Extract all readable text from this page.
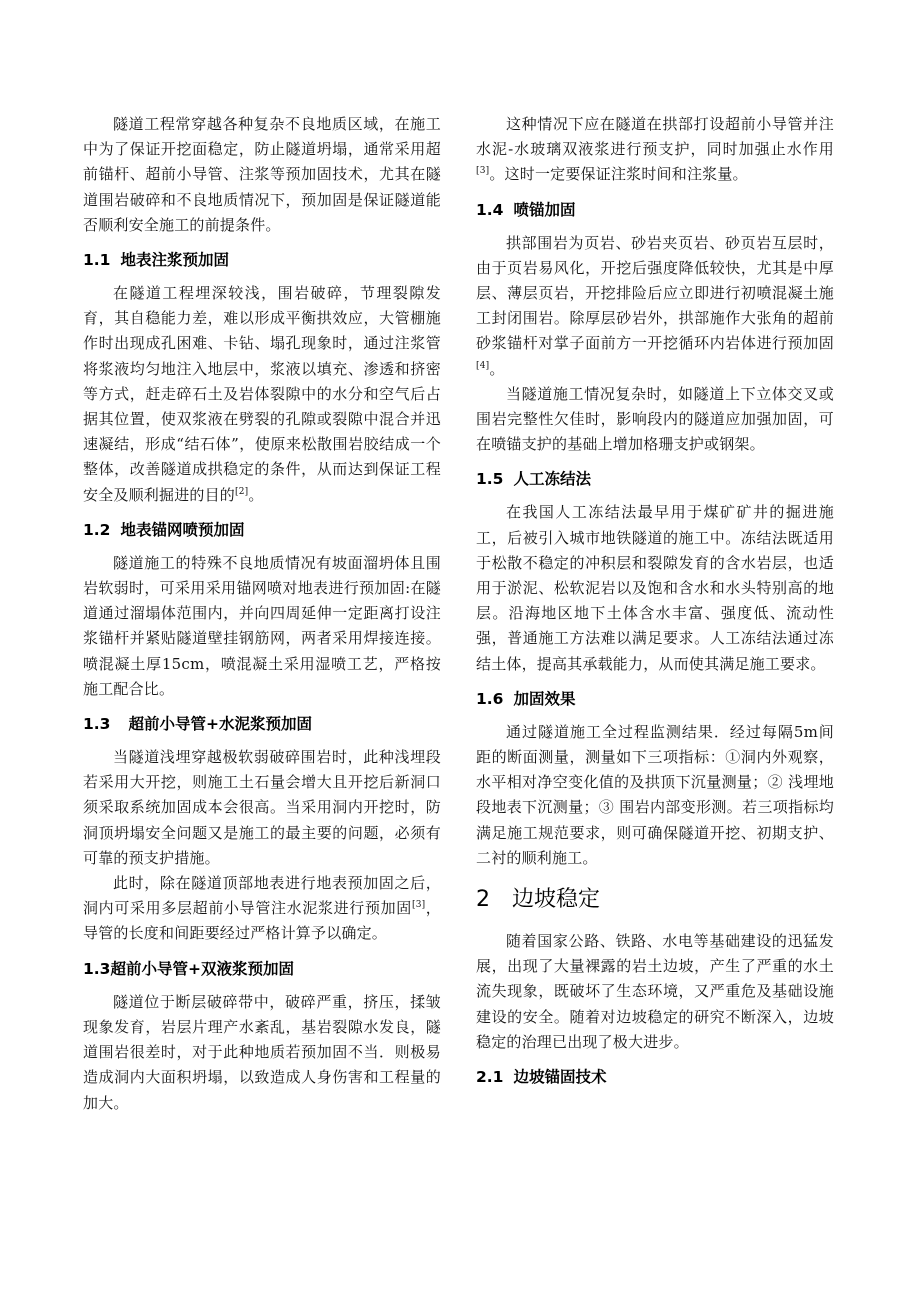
隧道工程常穿越各种复杂不良地质区域，在施工中为了保证开挖面稳定，防止隧道坍塌，通常采用超前锚杆、超前小导管、注浆等预加固技术，尤其在隧道围岩破碎和不良地质情况下，预加固是保证隧道能否顺利安全施工的前提条件。

1.1 地表注浆预加固

在隧道工程埋深较浅，围岩破碎，节理裂隙发育，其自稳能力差，难以形成平衡拱效应，大管棚施作时出现成孔困难、卡钻、塌孔现象时，通过注浆管将浆液均匀地注入地层中，浆液以填充、渗透和挤密等方式，赶走碎石土及岩体裂隙中的水分和空气后占据其位置，使双浆液在劈裂的孔隙或裂隙中混合并迅速凝结，形成“结石体”，使原来松散围岩胶结成一个整体，改善隧道成拱稳定的条件，从而达到保证工程安全及顺利掘进的目的[2]。

1.2 地表锚网喷预加固

隧道施工的特殊不良地质情况有坡面溜坍体且围岩软弱时，可采用采用锚网喷对地表进行预加固:在隧道通过溜塌体范围内，并向四周延伸一定距离打设注浆锚杆并紧贴隧道壁挂钢筋网，两者采用焊接连接。喷混凝土厚15cm，喷混凝土采用湿喷工艺，严格按施工配合比。

1.3 超前小导管+水泥浆预加固

当隧道浅埋穿越极软弱破碎围岩时，此种浅埋段若采用大开挖，则施工土石量会增大且开挖后新洞口须采取系统加固成本会很高。当采用洞内开挖时，防洞顶坍塌安全问题又是施工的最主要的问题，必须有可靠的预支护措施。

此时，除在隧道顶部地表进行地表预加固之后，洞内可采用多层超前小导管注水泥浆进行预加固[3]，导管的长度和间距要经过严格计算予以确定。

1.3超前小导管+双液浆预加固

隧道位于断层破碎带中，破碎严重，挤压，揉皱现象发育，岩层片理产水紊乱，基岩裂隙水发良，隧道围岩很差时，对于此种地质若预加固不当．则极易造成洞内大面积坍塌，以致造成人身伤害和工程量的加大。

这种情况下应在隧道在拱部打设超前小导管并注水泥-水玻璃双液浆进行预支护，同时加强止水作用[3]。这时一定要保证注浆时间和注浆量。

1.4 喷锚加固

拱部围岩为页岩、砂岩夹页岩、砂页岩互层时，由于页岩易风化，开挖后强度降低较快，尤其是中厚层、薄层页岩，开挖排险后应立即进行初喷混凝土施工封闭围岩。除厚层砂岩外，拱部施作大张角的超前砂浆锚杆对掌子面前方一开挖循环内岩体进行预加固[4]。

当隧道施工情况复杂时，如隧道上下立体交叉或围岩完整性欠佳时，影响段内的隧道应加强加固，可在喷锚支护的基础上增加格珊支护或钢架。

1.5 人工冻结法

在我国人工冻结法最早用于煤矿矿井的掘进施工，后被引入城市地铁隧道的施工中。冻结法既适用于松散不稳定的冲积层和裂隙发育的含水岩层，也适用于淤泥、松软泥岩以及饱和含水和水头特别高的地层。沿海地区地下土体含水丰富、强度低、流动性强，普通施工方法难以满足要求。人工冻结法通过冻结土体，提高其承载能力，从而使其满足施工要求。

1.6 加固效果

通过隧道施工全过程监测结果．经过每隔5m间距的断面测量，测量如下三项指标：①洞内外观察，水平相对净空变化值的及拱顶下沉量测量；② 浅埋地段地表下沉测量；③ 围岩内部变形测。若三项指标均满足施工规范要求，则可确保隧道开挖、初期支护、二衬的顺利施工。

2 边坡稳定

随着国家公路、铁路、水电等基础建设的迅猛发展，出现了大量裸露的岩土边坡，产生了严重的水土流失现象，既破坏了生态环境，又严重危及基础设施建设的安全。随着对边坡稳定的研究不断深入，边坡稳定的治理已出现了极大进步。

2.1 边坡锚固技术
